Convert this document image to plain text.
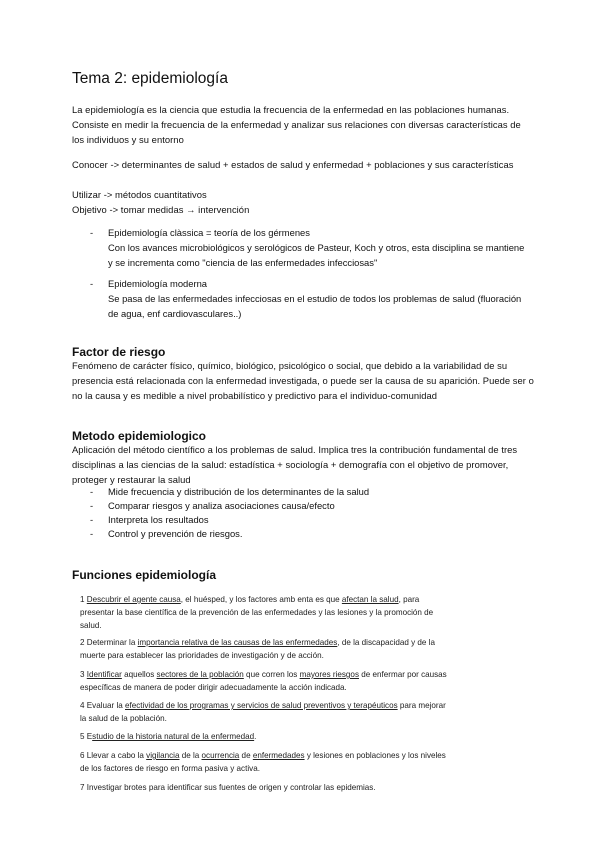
Tema 2: epidemiología

La epidemiología es la ciencia que estudia la frecuencia de la enfermedad en las poblaciones humanas. Consiste en medir la frecuencia de la enfermedad y analizar sus relaciones con diversas características de los individuos y su entorno

Conocer -> determinantes de salud + estados de salud y enfermedad + poblaciones y sus características

Utilizar -> métodos cuantitativos

Objetivo -> tomar medidas → intervención

- Epidemiología clàssica = teoría de los gérmenes
Con los avances microbiológicos y serológicos de Pasteur, Koch y otros, esta disciplina se mantiene y se incrementa como "ciencia de las enfermedades infecciosas"
- Epidemiología moderna
Se pasa de las enfermedades infecciosas en el estudio de todos los problemas de salud (fluoración de agua, enf cardiovasculares..)
Factor de riesgo

Fenómeno de carácter físico, químico, biológico, psicológico o social, que debido a la variabilidad de su presencia está relacionada con la enfermedad investigada, o puede ser la causa de su aparición. Puede ser o no la causa y es medible a nivel probabilístico y predictivo para el individuo-comunidad

Metodo epidemiologico

Aplicación del método científico a los problemas de salud. Implica tres la contribución fundamental de tres disciplinas a las ciencias de la salud: estadística + sociología + demografía con el objetivo de promover, proteger y restaurar la salud

- Mide frecuencia y distribución de los determinantes de la salud
- Comparar riesgos y analiza asociaciones causa/efecto
- Interpreta los resultados
- Control y prevención de riesgos.
Funciones epidemiología

1 Descubrir el agente causa, el huésped, y los factores amb enta es que afectan la salud, para presentar la base científica de la prevención de las enfermedades y las lesiones y la promoción de salud.

2 Determinar la importancia relativa de las causas de las enfermedades, de la discapacidad y de la muerte para establecer las prioridades de investigación y de acción.

3 Identificar aquellos sectores de la población que corren los mayores riesgos de enfermar por causas específicas de manera de poder dirigir adecuadamente la acción indicada.

4 Evaluar la efectividad de los programas y servicios de salud preventivos y terapéuticos para mejorar la salud de la población.

5 Estudio de la historia natural de la enfermedad.

6 Llevar a cabo la vigilancia de la ocurrencia de enfermedades y lesiones en poblaciones y los niveles de los factores de riesgo en forma pasiva y activa.

7 Investigar brotes para identificar sus fuentes de origen y controlar las epidemias.
